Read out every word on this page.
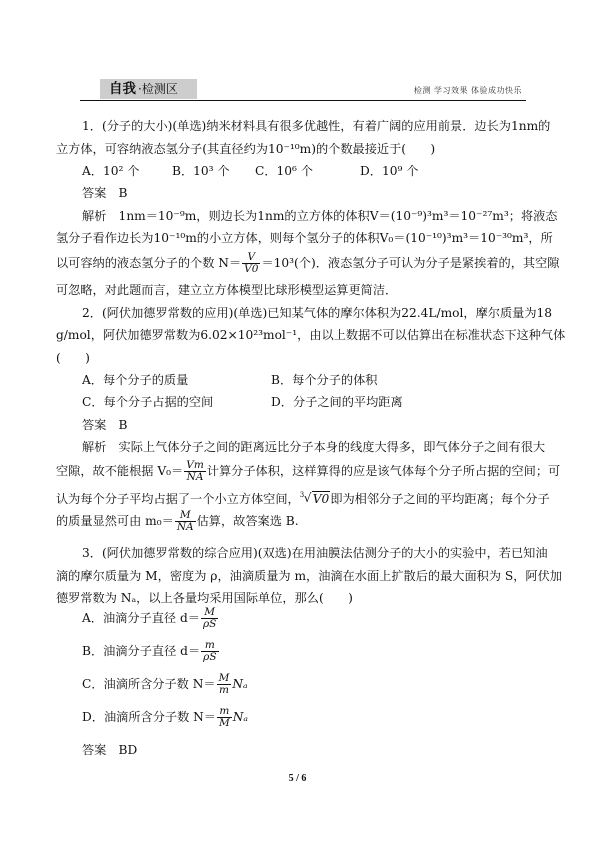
自我 ·检测区	检测 学习效果 体验成功快乐
1．(分子的大小)(单选)纳米材料具有很多优越性，有着广阔的应用前景．边长为1nm的
立方体，可容纳液态氢分子(其直径约为10⁻¹⁰m)的个数最接近于(　　)
A．10² 个	B．10³ 个 C．10⁶ 个	D．10⁹ 个
答案　B
解析　1nm＝10⁻⁹m，则边长为1nm的立方体的体积V＝(10⁻⁹)³m³＝10⁻²⁷m³；将液态
氢分子看作边长为10⁻¹⁰m的小立方体，则每个氢分子的体积V₀＝(10⁻¹⁰)³m³＝10⁻³⁰m³，所
以可容纳的液态氢分子的个数 $N= \frac{V}{V0} =10^3$(个)．液态氢分子可认为分子是紧挨着的，其空隙
可忽略，对此题而言，建立立方体模型比球形模型运算更简洁．
2．(阿伏加德罗常数的应用)(单选)已知某气体的摩尔体积为22.4L/mol，摩尔质量为18
g/mol，阿伏加德罗常数为6.02×10²³mol⁻¹，由以上数据不可以估算出在标准状态下这种气体
(　　)
A．每个分子的质量	B．每个分子的体积
C．每个分子占据的空间	D．分子之间的平均距离
答案　B
解析　实际上气体分子之间的距离远比分子本身的线度大得多，即气体分子之间有很大
空隙，故不能根据 $V_0= \frac{Vm}{NA}$ 计算分子体积，这样算得的应是该气体每个分子所占据的空间；可
认为每个分子平均占据了一个小立方体空间， 3 √ V0即为相邻分子之间的平均距离；每个分子
的质量显然可由 $m_0= \frac{M}{NA}$ 估算，故答案选 B.
3．(阿伏加德罗常数的综合应用)(双选)在用油膜法估测分子的大小的实验中，若已知油
滴的摩尔质量为 M，密度为 ρ，油滴质量为 m，油滴在水面上扩散后的最大面积为 S，阿伏加
德罗常数为 Nₐ，以上各量均采用国际单位，那么(　　)
A．油滴分子直径 $d= \frac{M}{\rho S}$
B．油滴分子直径 $d= \frac{m}{\rho S}$
C．油滴所含分子数 $N= \frac{M}{m}$ Nₐ
D．油滴所含分子数 $N= \frac{m}{M}$ Nₐ
答案　BD
5 / 6
